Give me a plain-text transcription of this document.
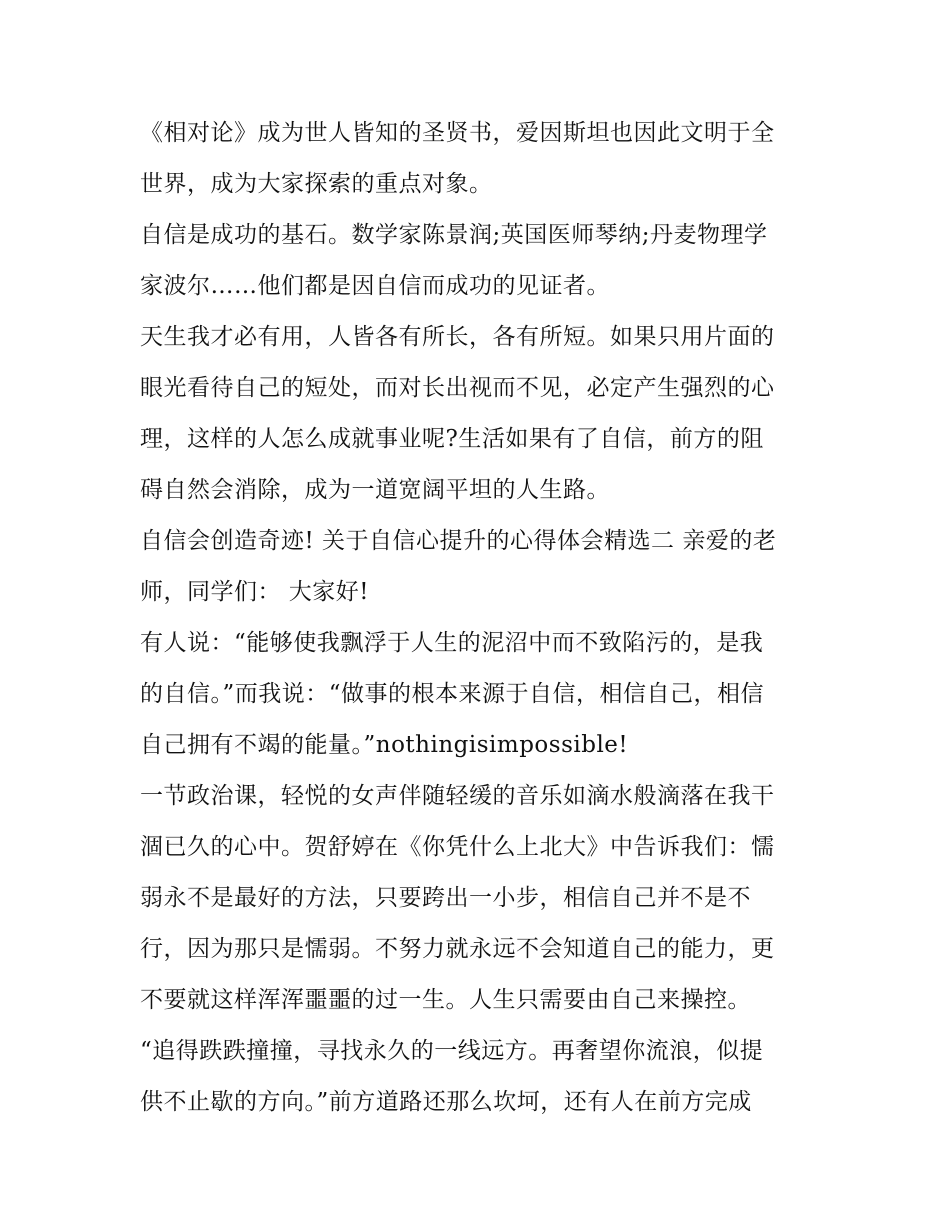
《相对论》成为世人皆知的圣贤书，爱因斯坦也因此文明于全
世界，成为大家探索的重点对象。
自信是成功的基石。数学家陈景润;英国医师琴纳;丹麦物理学
家波尔……他们都是因自信而成功的见证者。
天生我才必有用，人皆各有所长，各有所短。如果只用片面的
眼光看待自己的短处，而对长出视而不见，必定产生强烈的心
理，这样的人怎么成就事业呢?生活如果有了自信，前方的阻
碍自然会消除，成为一道宽阔平坦的人生路。
自信会创造奇迹! 关于自信心提升的心得体会精选二 亲爱的老
师，同学们： 大家好!
有人说：“能够使我飘浮于人生的泥沼中而不致陷污的，是我
的自信。”而我说：“做事的根本来源于自信，相信自己，相信
自己拥有不竭的能量。”nothingisimpossible!
一节政治课，轻悦的女声伴随轻缓的音乐如滴水般滴落在我干
涸已久的心中。贺舒婷在《你凭什么上北大》中告诉我们：懦
弱永不是最好的方法，只要跨出一小步，相信自己并不是不
行，因为那只是懦弱。不努力就永远不会知道自己的能力，更
不要就这样浑浑噩噩的过一生。人生只需要由自己来操控。
“追得跌跌撞撞，寻找永久的一线远方。再奢望你流浪，似提
供不止歇的方向。”前方道路还那么坎坷，还有人在前方完成
